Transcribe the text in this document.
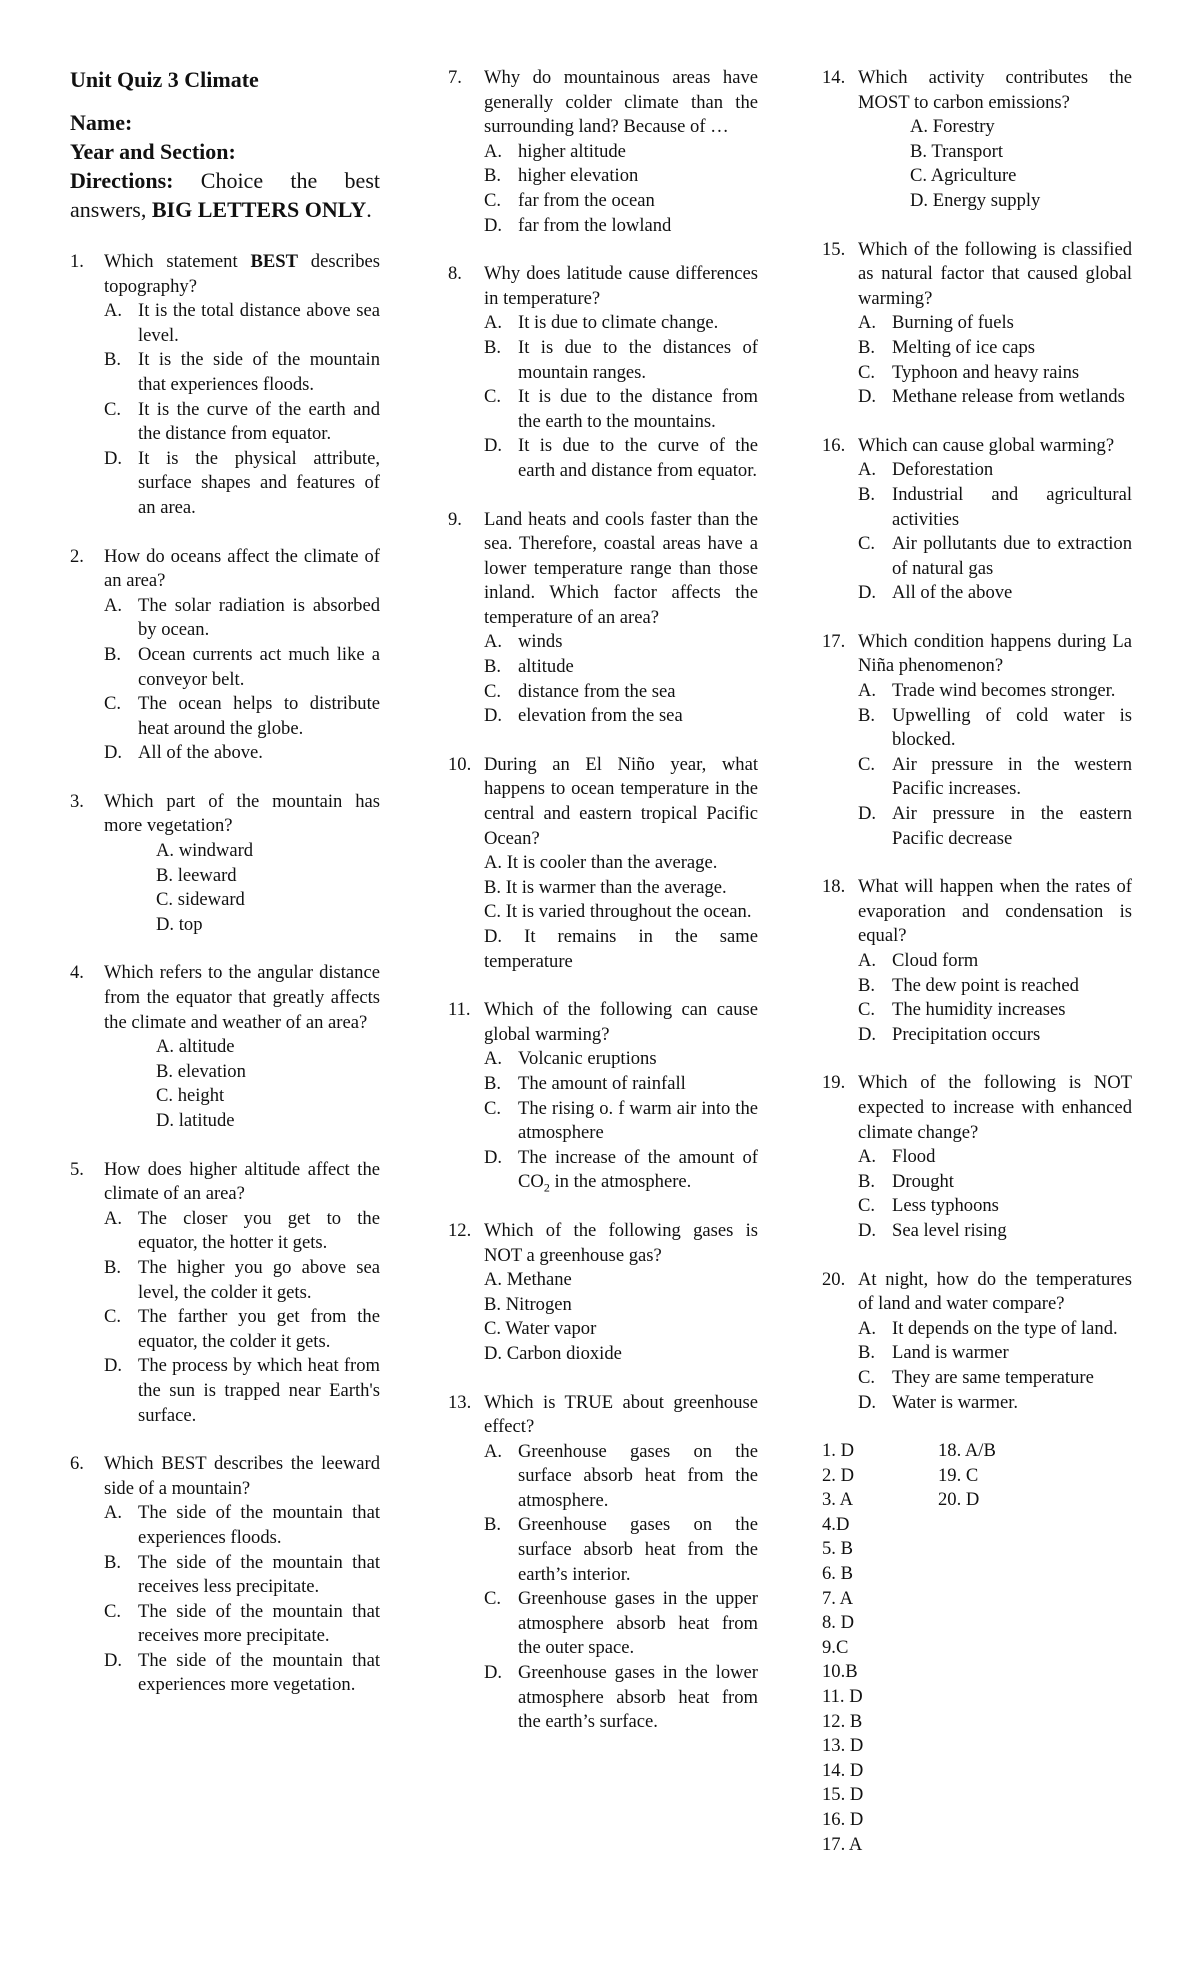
Unit Quiz 3 Climate
Name:
Year and Section:
Directions: Choice the best answers, BIG LETTERS ONLY.
1. Which statement BEST describes topography?
A. It is the total distance above sea level.
B. It is the side of the mountain that experiences floods.
C. It is the curve of the earth and the distance from equator.
D. It is the physical attribute, surface shapes and features of an area.
2. How do oceans affect the climate of an area?
A. The solar radiation is absorbed by ocean.
B. Ocean currents act much like a conveyor belt.
C. The ocean helps to distribute heat around the globe.
D. All of the above.
3. Which part of the mountain has more vegetation?
A. windward
B. leeward
C. sideward
D. top
4. Which refers to the angular distance from the equator that greatly affects the climate and weather of an area?
A. altitude
B. elevation
C. height
D. latitude
5. How does higher altitude affect the climate of an area?
A. The closer you get to the equator, the hotter it gets.
B. The higher you go above sea level, the colder it gets.
C. The farther you get from the equator, the colder it gets.
D. The process by which heat from the sun is trapped near Earth's surface.
6. Which BEST describes the leeward side of a mountain?
A. The side of the mountain that experiences floods.
B. The side of the mountain that receives less precipitate.
C. The side of the mountain that receives more precipitate.
D. The side of the mountain that experiences more vegetation.
7. Why do mountainous areas have generally colder climate than the surrounding land? Because of …
A. higher altitude
B. higher elevation
C. far from the ocean
D. far from the lowland
8. Why does latitude cause differences in temperature?
A. It is due to climate change.
B. It is due to the distances of mountain ranges.
C. It is due to the distance from the earth to the mountains.
D. It is due to the curve of the earth and distance from equator.
9. Land heats and cools faster than the sea. Therefore, coastal areas have a lower temperature range than those inland. Which factor affects the temperature of an area?
A. winds
B. altitude
C. distance from the sea
D. elevation from the sea
10. During an El Niño year, what happens to ocean temperature in the central and eastern tropical Pacific Ocean?
A. It is cooler than the average.
B. It is warmer than the average.
C. It is varied throughout the ocean.
D. It remains in the same temperature
11. Which of the following can cause global warming?
A. Volcanic eruptions
B. The amount of rainfall
C. The rising o. f warm air into the atmosphere
D. The increase of the amount of $CO_2$ in the atmosphere.
12. Which of the following gases is NOT a greenhouse gas?
A. Methane
B. Nitrogen
C. Water vapor
D. Carbon dioxide
13. Which is TRUE about greenhouse effect?
A. Greenhouse gases on the surface absorb heat from the atmosphere.
B. Greenhouse gases on the surface absorb heat from the earth’s interior.
C. Greenhouse gases in the upper atmosphere absorb heat from the outer space.
D. Greenhouse gases in the lower atmosphere absorb heat from the earth’s surface.
14. Which activity contributes the MOST to carbon emissions?
A. Forestry
B. Transport
C. Agriculture
D. Energy supply
15. Which of the following is classified as natural factor that caused global warming?
A. Burning of fuels
B. Melting of ice caps
C. Typhoon and heavy rains
D. Methane release from wetlands
16. Which can cause global warming?
A. Deforestation
B. Industrial and agricultural activities
C. Air pollutants due to extraction of natural gas
D. All of the above
17. Which condition happens during La Niña phenomenon?
A. Trade wind becomes stronger.
B. Upwelling of cold water is blocked.
C. Air pressure in the western Pacific increases.
D. Air pressure in the eastern Pacific decrease
18. What will happen when the rates of evaporation and condensation is equal?
A. Cloud form
B. The dew point is reached
C. The humidity increases
D. Precipitation occurs
19. Which of the following is NOT expected to increase with enhanced climate change?
A. Flood
B. Drought
C. Less typhoons
D. Sea level rising
20. At night, how do the temperatures of land and water compare?
A. It depends on the type of land.
B. Land is warmer
C. They are same temperature
D. Water is warmer.
1. D
2. D
3. A
4.D
5. B
6. B
7. A
8. D
9.C
10.B
11. D
12. B
13. D
14. D
15. D
16. D
17. A
18. A/B
19. C
20. D
